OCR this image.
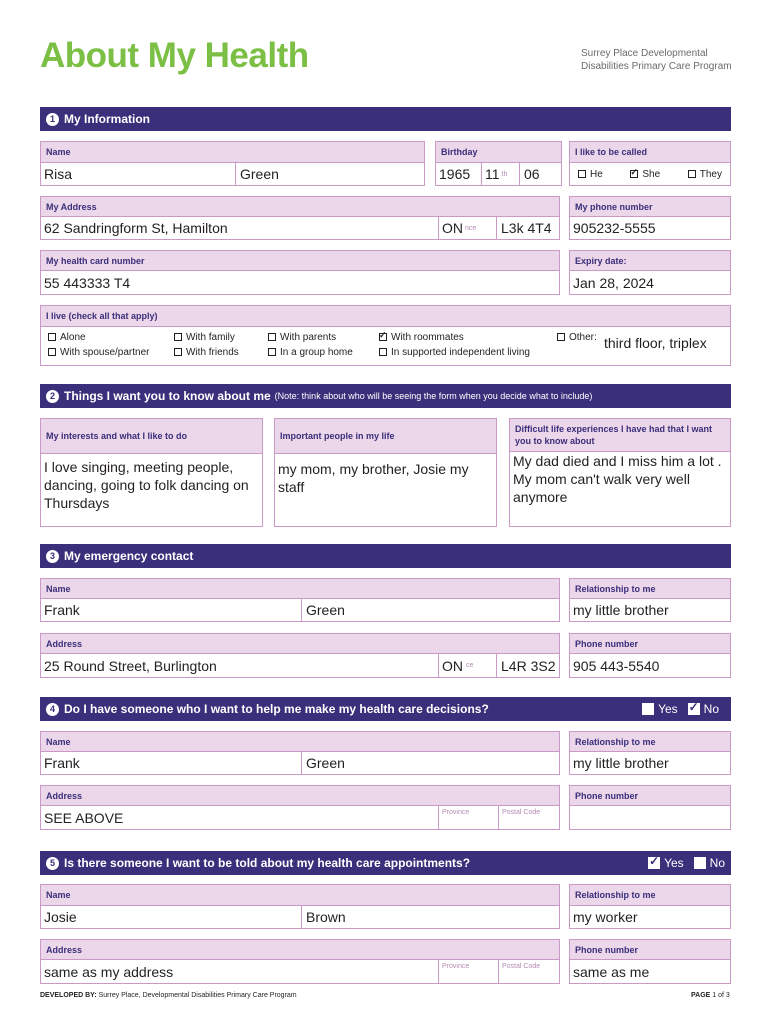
About My Health	Surrey Place Developmental
Disabilities Primary Care Program
1 My Information
Name
Risa	Green
Birthday
1965	11 th	06
I like to be called
He ✓	She	They
My Address
62 Sandringform St, Hamilton	ON nce	L3k 4T4
My phone number
905232-5555
My health card number
55 443333 T4
Expiry date:
Jan 28, 2024
I live (check all that apply)
Alone	With family	With parents ✓	With roommates	Other: third floor, triplex
With spouse/partner	With friends	In a group home	In supported independent living
2 Things I want you to know about me (Note: think about who will be seeing the form when you decide what to include)
My interests and what I like to do
I love singing, meeting people, dancing, going to folk dancing on Thursdays
Important people in my life
my mom, my brother, Josie my staff
Difficult life experiences I have had that I want you to know about
My dad died and I miss him a lot . My mom can't walk very well anymore
3 My emergency contact
Name
Frank	Green
Relationship to me
my little brother
Address
25 Round Street, Burlington	ON ce	L4R 3S2
Phone number
905 443-5540
4 Do I have someone who I want to help me make my health care decisions?	Yes ✓	No
Name
Frank	Green
Relationship to me
my little brother
Address
SEE ABOVE	Province	Postal Code
Phone number
5 Is there someone I want to be told about my health care appointments? ✓	Yes	No
Name
Josie	Brown
Relationship to me
my worker
Address
same as my address	Province	Postal Code
Phone number
same as me
DEVELOPED BY: Surrey Place, Developmental Disabilities Primary Care Program	PAGE 1 of 3
